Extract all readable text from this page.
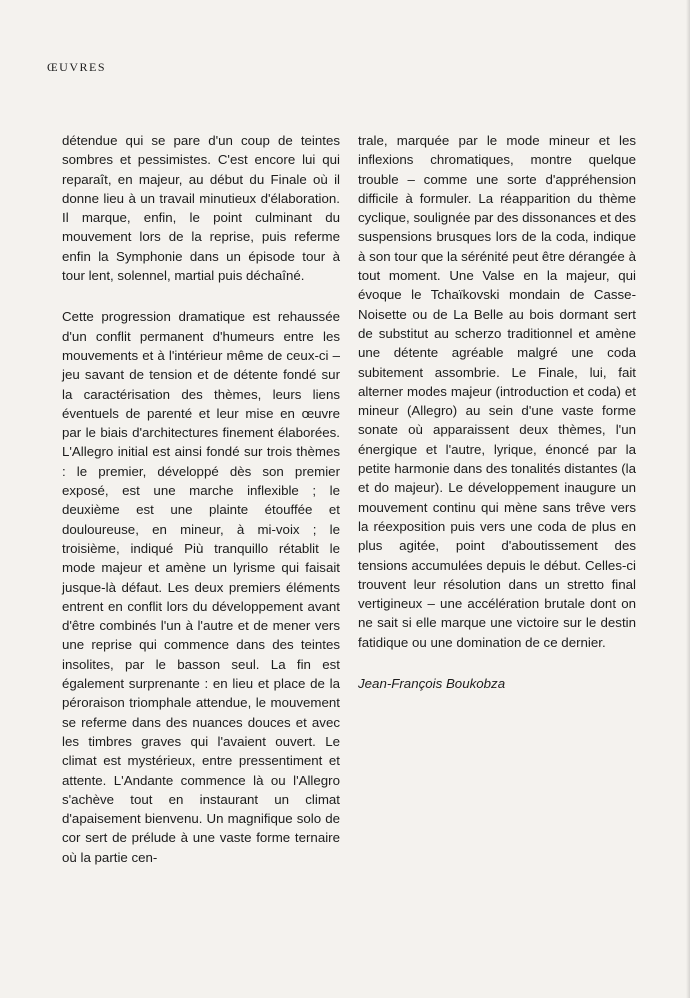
ŒUVRES

détendue qui se pare d'un coup de teintes sombres et pessimistes. C'est encore lui qui reparaît, en majeur, au début du Finale où il donne lieu à un travail minutieux d'élaboration. Il marque, enfin, le point culminant du mouvement lors de la reprise, puis referme enfin la Symphonie dans un épisode tour à tour lent, solennel, martial puis déchaîné.

Cette progression dramatique est rehaussée d'un conflit permanent d'humeurs entre les mouvements et à l'intérieur même de ceux-ci – jeu savant de tension et de détente fondé sur la caractérisation des thèmes, leurs liens éventuels de parenté et leur mise en œuvre par le biais d'architectures finement élaborées. L'Allegro initial est ainsi fondé sur trois thèmes : le premier, développé dès son premier exposé, est une marche inflexible ; le deuxième est une plainte étouffée et douloureuse, en mineur, à mi-voix ; le troisième, indiqué Più tranquillo rétablit le mode majeur et amène un lyrisme qui faisait jusque-là défaut. Les deux premiers éléments entrent en conflit lors du développement avant d'être combinés l'un à l'autre et de mener vers une reprise qui commence dans des teintes insolites, par le basson seul. La fin est également surprenante : en lieu et place de la péroraison triomphale attendue, le mouvement se referme dans des nuances douces et avec les timbres graves qui l'avaient ouvert. Le climat est mystérieux, entre pressentiment et attente. L'Andante commence là ou l'Allegro s'achève tout en instaurant un climat d'apaisement bienvenu. Un magnifique solo de cor sert de prélude à une vaste forme ternaire où la partie cen-

trale, marquée par le mode mineur et les inflexions chromatiques, montre quelque trouble – comme une sorte d'appréhension difficile à formuler. La réapparition du thème cyclique, soulignée par des dissonances et des suspensions brusques lors de la coda, indique à son tour que la sérénité peut être dérangée à tout moment. Une Valse en la majeur, qui évoque le Tchaïkovski mondain de Casse-Noisette ou de La Belle au bois dormant sert de substitut au scherzo traditionnel et amène une détente agréable malgré une coda subitement assombrie. Le Finale, lui, fait alterner modes majeur (introduction et coda) et mineur (Allegro) au sein d'une vaste forme sonate où apparaissent deux thèmes, l'un énergique et l'autre, lyrique, énoncé par la petite harmonie dans des tonalités distantes (la et do majeur). Le développement inaugure un mouvement continu qui mène sans trêve vers la réexposition puis vers une coda de plus en plus agitée, point d'aboutissement des tensions accumulées depuis le début. Celles-ci trouvent leur résolution dans un stretto final vertigineux – une accélération brutale dont on ne sait si elle marque une victoire sur le destin fatidique ou une domination de ce dernier.

Jean-François Boukobza
